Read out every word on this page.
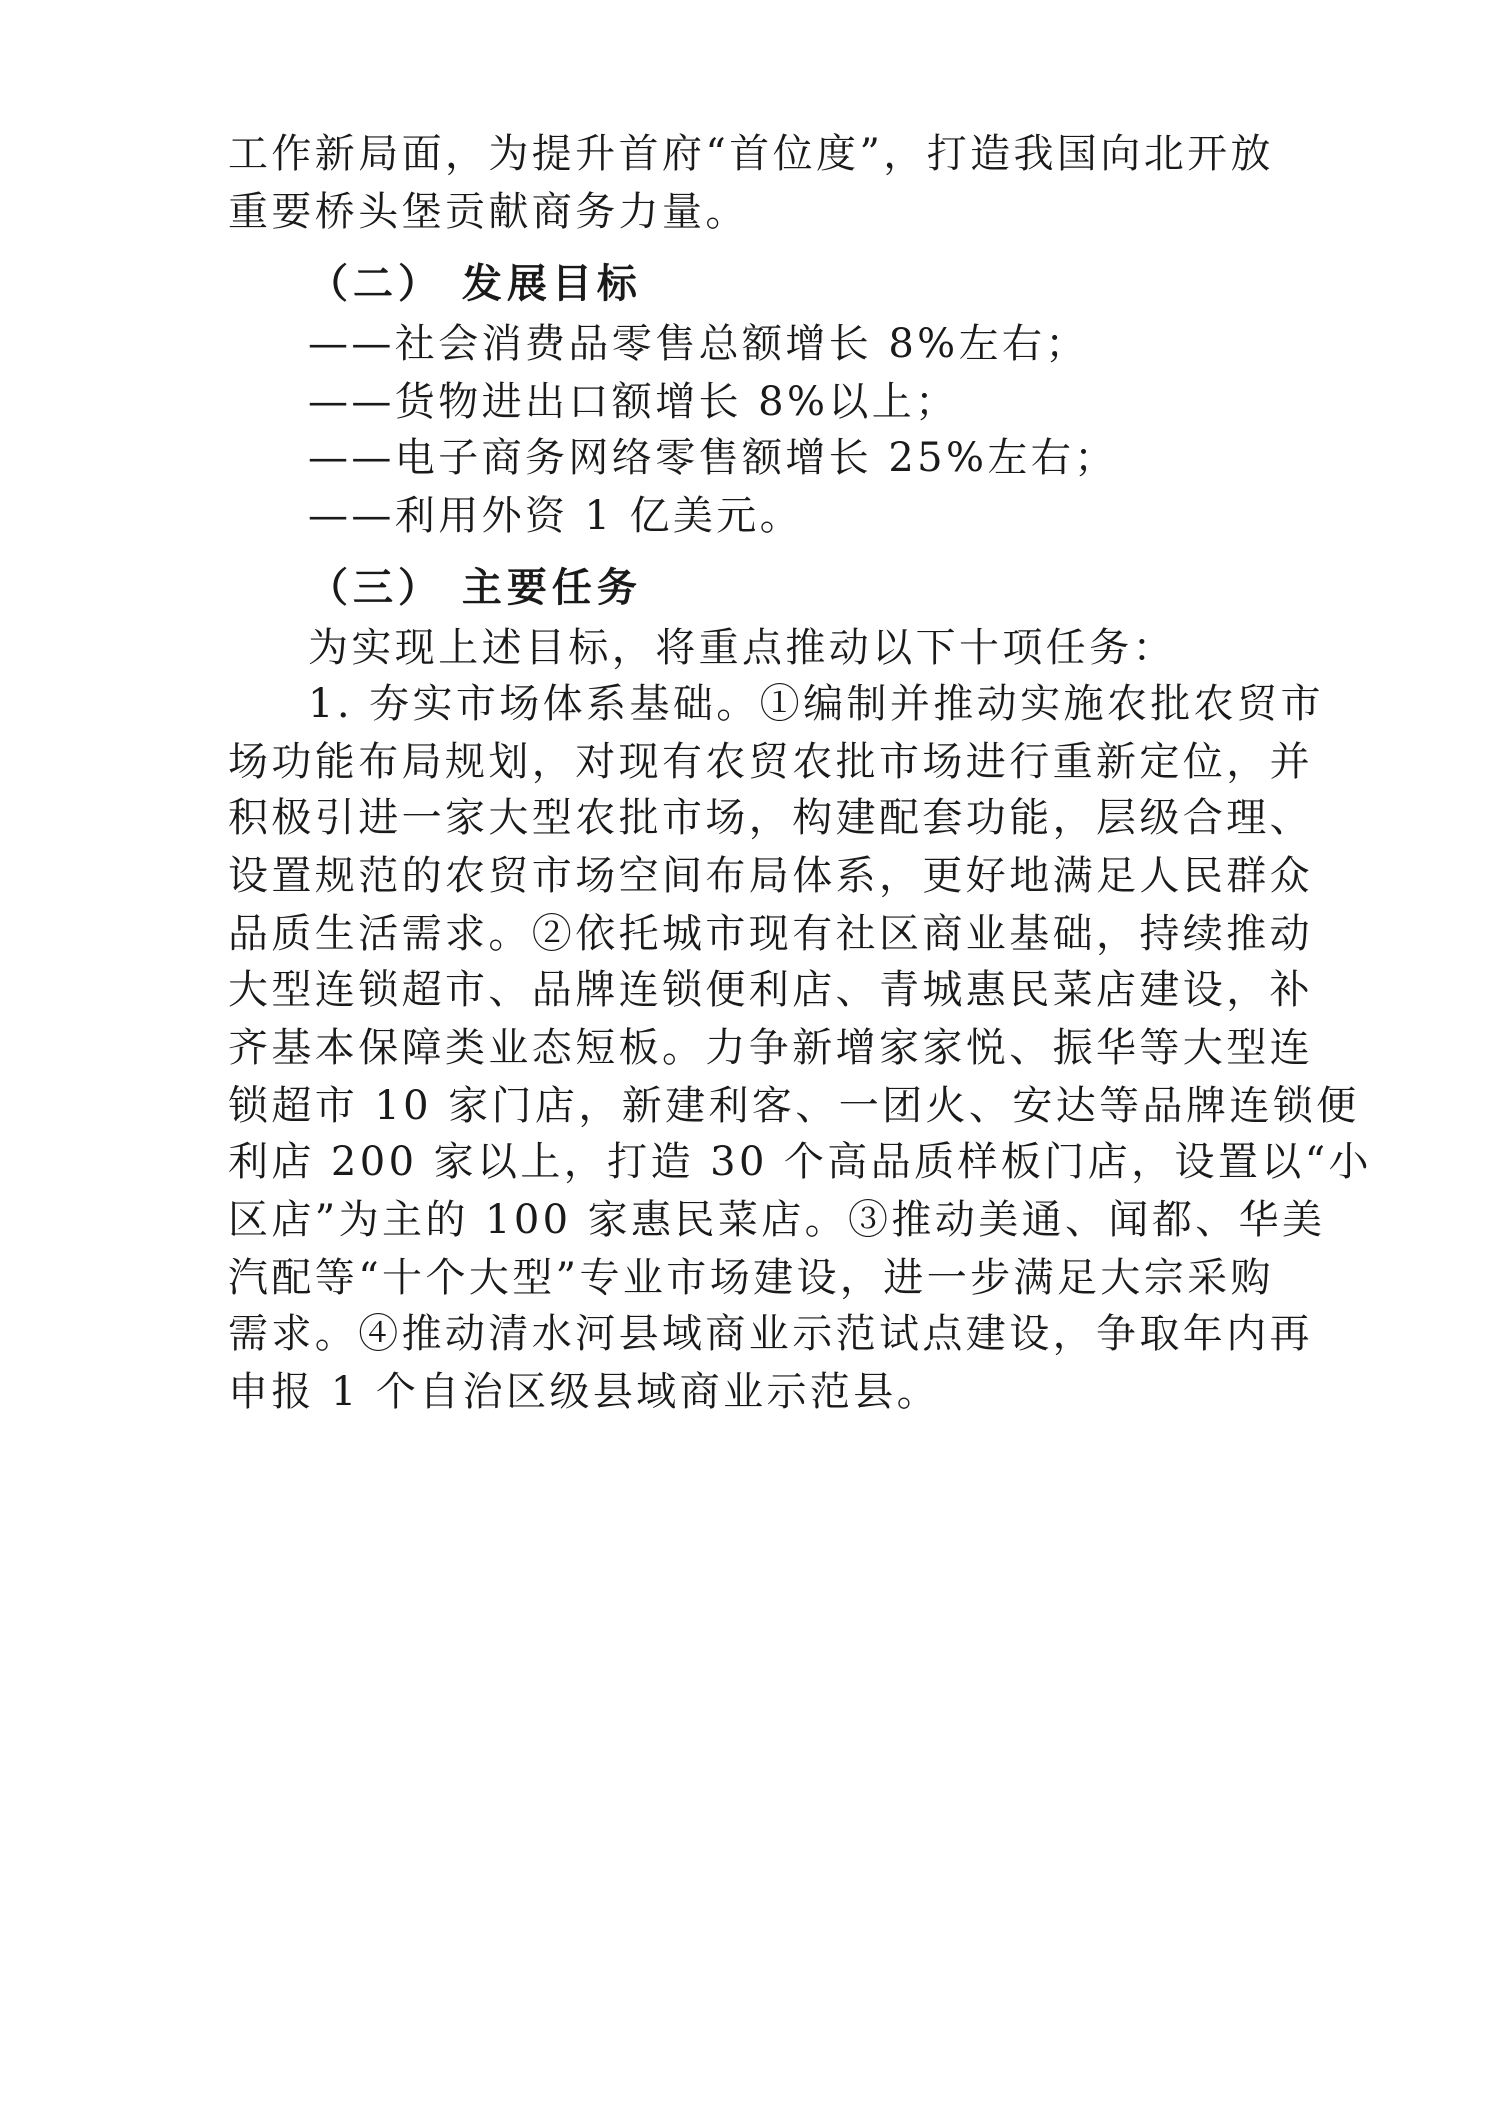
工作新局面，为提升首府“首位度”，打造我国向北开放
重要桥头堡贡献商务力量。
（二） 发展目标
——社会消费品零售总额增长 8%左右；
——货物进出口额增长 8%以上；
——电子商务网络零售额增长 25%左右；
——利用外资 1 亿美元。
（三） 主要任务
为实现上述目标，将重点推动以下十项任务：
1. 夯实市场体系基础。①编制并推动实施农批农贸市
场功能布局规划，对现有农贸农批市场进行重新定位，并
积极引进一家大型农批市场，构建配套功能，层级合理、
设置规范的农贸市场空间布局体系，更好地满足人民群众
品质生活需求。②依托城市现有社区商业基础，持续推动
大型连锁超市、品牌连锁便利店、青城惠民菜店建设，补
齐基本保障类业态短板。力争新增家家悦、振华等大型连
锁超市 10 家门店，新建利客、一团火、安达等品牌连锁便
利店 200 家以上，打造 30 个高品质样板门店，设置以“小
区店”为主的 100 家惠民菜店。③推动美通、闻都、华美
汽配等“十个大型”专业市场建设，进一步满足大宗采购
需求。④推动清水河县域商业示范试点建设，争取年内再
申报 1 个自治区级县域商业示范县。
